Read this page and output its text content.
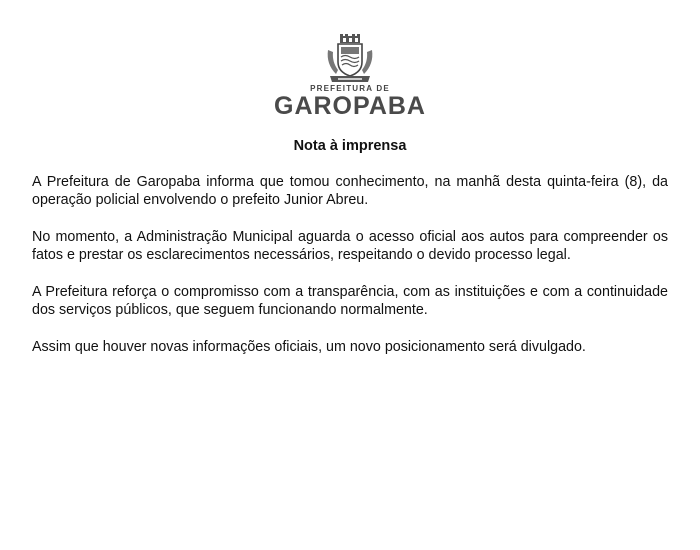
PREFEITURA DE
GAROPABA
Nota à imprensa

A Prefeitura de Garopaba informa que tomou conhecimento, na manhã desta quinta-feira (8), da operação policial envolvendo o prefeito Junior Abreu.

No momento, a Administração Municipal aguarda o acesso oficial aos autos para compreender os fatos e prestar os esclarecimentos necessários, respeitando o devido processo legal.

A Prefeitura reforça o compromisso com a transparência, com as instituições e com a continuidade dos serviços públicos, que seguem funcionando normalmente.

Assim que houver novas informações oficiais, um novo posicionamento será divulgado.
